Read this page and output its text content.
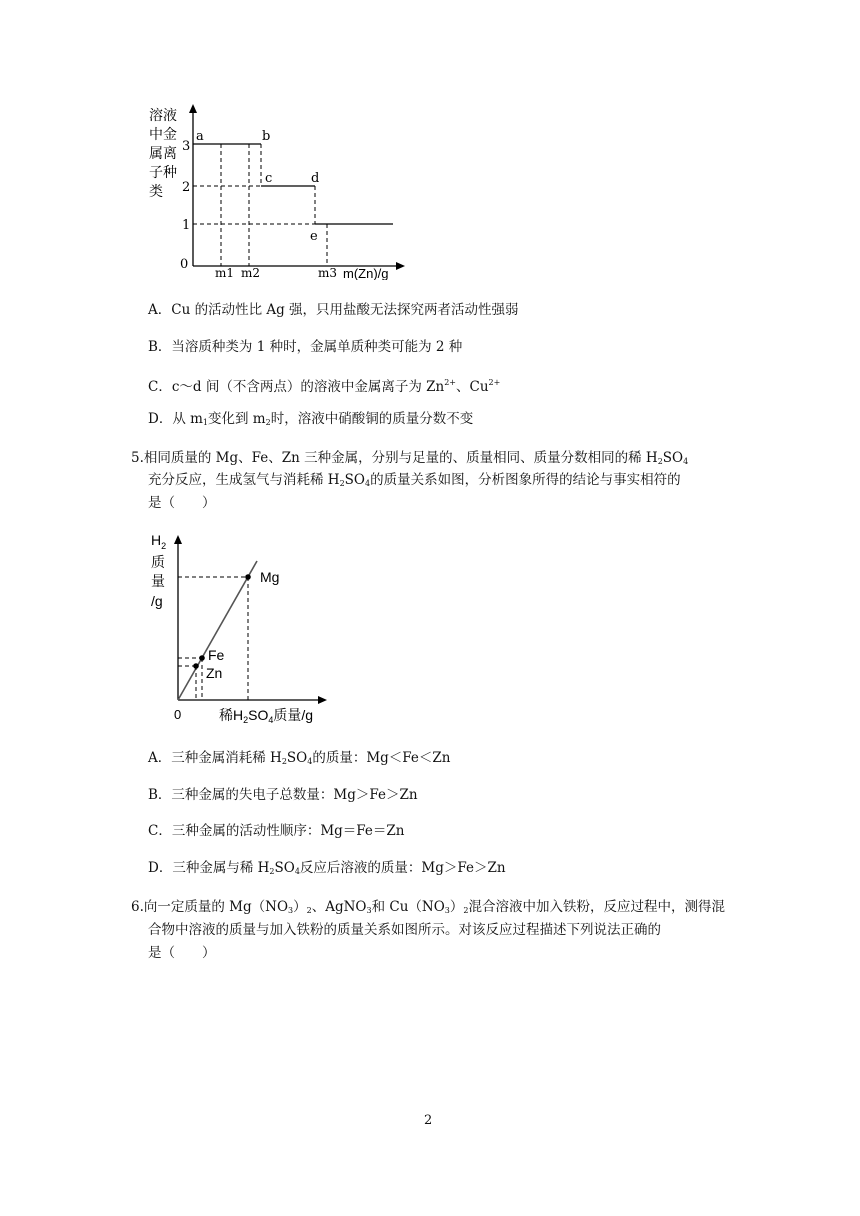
溶液
中金
属离
子种
类
3
2
1
0
a	b
c	d
e
m1 m2	m3 m(Zn)/g
A．Cu 的活动性比 Ag 强，只用盐酸无法探究两者活动性强弱
B．当溶质种类为 1 种时，金属单质种类可能为 2 种
C．c～d 间（不含两点）的溶液中金属离子为 $Zn^{2+}$、$Cu^{2+}$
D．从 $m_1$变化到 $m_2$时，溶液中硝酸铜的质量分数不变
5.相同质量的 Mg、Fe、Zn 三种金属，分别与足量的、质量相同、质量分数相同的稀 $H_2SO_4$
充分反应，生成氢气与消耗稀 $H_2SO_4$的质量关系如图，分析图象所得的结论与事实相符的
是（　　）
$H_2$
质
量
/g
Mg
Fe
Zn
0	稀$H_2SO_4$质量/g
A．三种金属消耗稀 $H_2SO_4$的质量：Mg＜Fe＜Zn
B．三种金属的失电子总数量：Mg＞Fe＞Zn
C．三种金属的活动性顺序：Mg＝Fe＝Zn
D．三种金属与稀 $H_2SO_4$反应后溶液的质量：Mg＞Fe＞Zn
6.向一定质量的 $Mg(NO_3)_2$、AgNO$_3$和 $Cu(NO_3)_2$混合溶液中加入铁粉，反应过程中，测得混
合物中溶液的质量与加入铁粉的质量关系如图所示。对该反应过程描述下列说法正确的
是（　　）
2
